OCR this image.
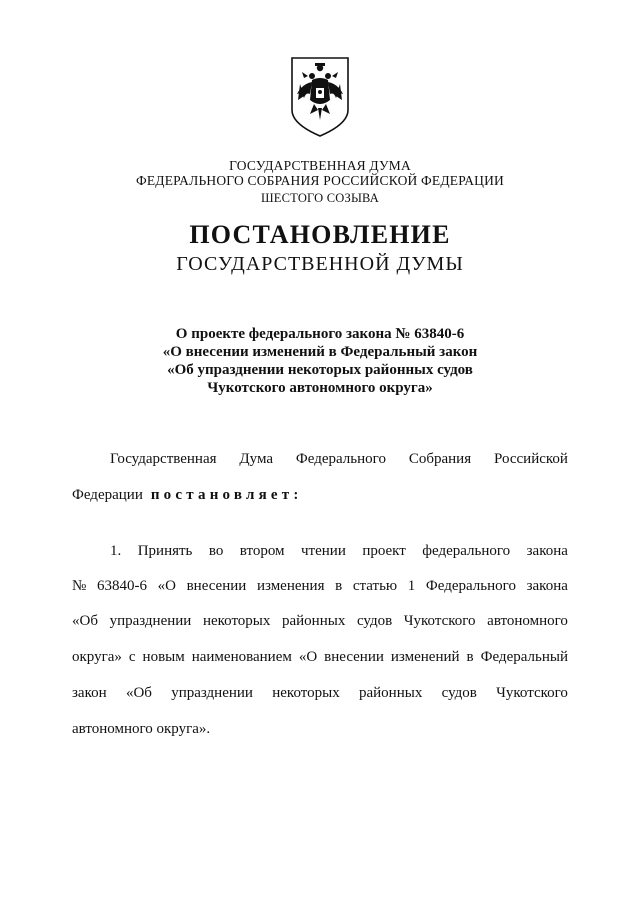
ГОСУДАРСТВЕННАЯ ДУМА
ФЕДЕРАЛЬНОГО СОБРАНИЯ РОССИЙСКОЙ ФЕДЕРАЦИИ
ШЕСТОГО СОЗЫВА
ПОСТАНОВЛЕНИЕ
ГОСУДАРСТВЕННОЙ ДУМЫ
О проекте федерального закона № 63840-6
«О внесении изменений в Федеральный закон
«Об упразднении некоторых районных судов
Чукотского автономного округа»
Государственная Дума Федерального Собрания Российской
Федерации постановляет:
1. Принять во втором чтении проект федерального закона
№ 63840-6 «О внесении изменения в статью 1 Федерального закона
«Об упразднении некоторых районных судов Чукотского автономного
округа» с новым наименованием «О внесении изменений в Федеральный
закон «Об упразднении некоторых районных судов Чукотского
автономного округа».
